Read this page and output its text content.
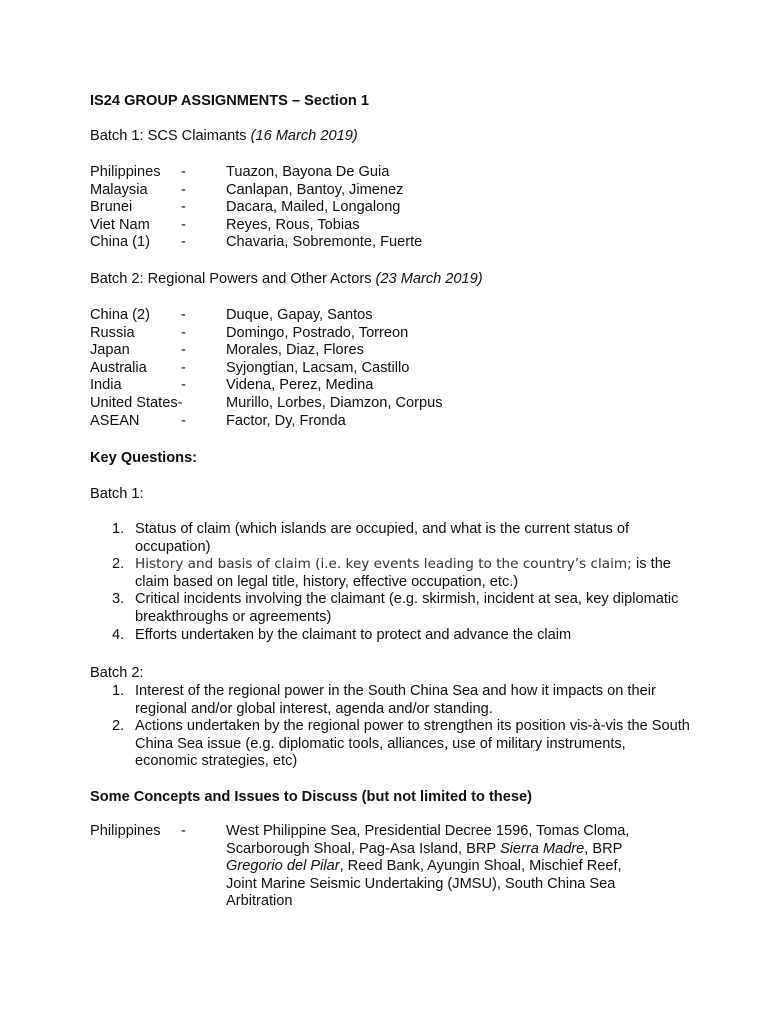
IS24 GROUP ASSIGNMENTS – Section 1
Batch 1: SCS Claimants (16 March 2019)
Philippines -	Tuazon, Bayona De Guia
Malaysia -	Canlapan, Bantoy, Jimenez
Brunei	-	Dacara, Mailed, Longalong
Viet Nam -	Reyes, Rous, Tobias
China (1) -	Chavaria, Sobremonte, Fuerte
Batch 2: Regional Powers and Other Actors (23 March 2019)
China (2) -	Duque, Gapay, Santos
Russia	-	Domingo, Postrado, Torreon
Japan	-	Morales, Diaz, Flores
Australia -	Syjongtian, Lacsam, Castillo
India	-	Videna, Perez, Medina
United States-	Murillo, Lorbes, Diamzon, Corpus
ASEAN	-	Factor, Dy, Fronda
Key Questions:
Batch 1:
1. Status of claim (which islands are occupied, and what is the current status of occupation)
2. History and basis of claim (i.e. key events leading to the country’s claim; is the claim based on legal title, history, effective occupation, etc.)
3. Critical incidents involving the claimant (e.g. skirmish, incident at sea, key diplomatic breakthroughs or agreements)
4. Efforts undertaken by the claimant to protect and advance the claim
Batch 2:
1. Interest of the regional power in the South China Sea and how it impacts on their regional and/or global interest, agenda and/or standing.
2. Actions undertaken by the regional power to strengthen its position vis-à-vis the South China Sea issue (e.g. diplomatic tools, alliances, use of military instruments, economic strategies, etc)
Some Concepts and Issues to Discuss (but not limited to these)
Philippines -	West Philippine Sea, Presidential Decree 1596, Tomas Cloma, Scarborough Shoal, Pag-Asa Island, BRP Sierra Madre, BRP Gregorio del Pilar, Reed Bank, Ayungin Shoal, Mischief Reef, Joint Marine Seismic Undertaking (JMSU), South China Sea Arbitration
